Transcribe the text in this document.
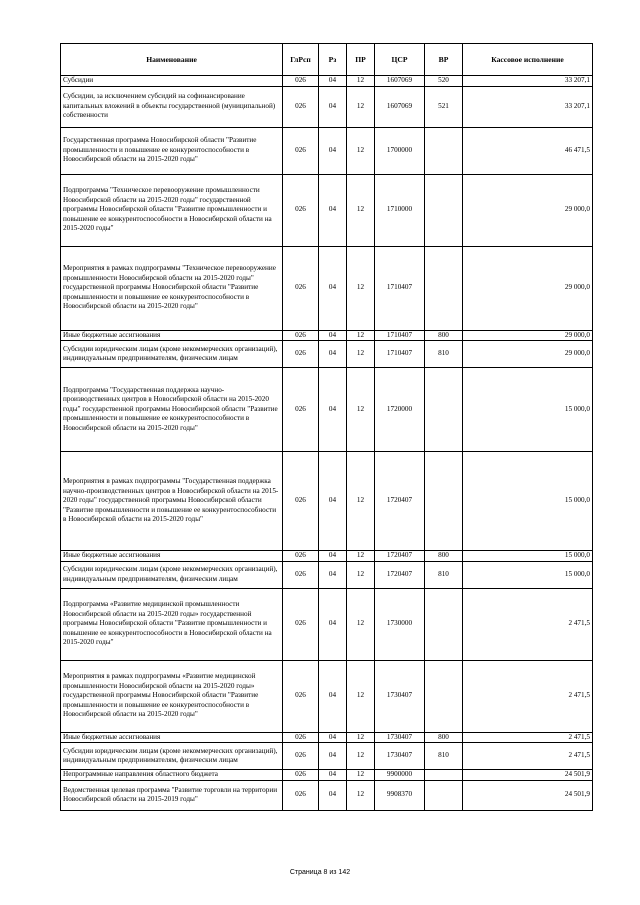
Наименование	ГлРсп	Рз	ПР	ЦСР	ВР	Кассовое исполнение
Субсидии	026	04	12	1607069	520	33 207,1
Субсидии, за исключением субсидий на софинансирование капитальных вложений в объекты государственной (муниципальной) собственности	026	04	12	1607069	521	33 207,1
Государственная программа Новосибирской области "Развитие промышленности и повышение ее конкурентоспособности в Новосибирской области на 2015-2020 годы"	026	04	12	1700000		46 471,5
Подпрограмма "Техническое перевооружение промышленности Новосибирской области на 2015-2020 годы" государственной программы Новосибирской области "Развитие промышленности и повышение ее конкурентоспособности в Новосибирской области на 2015-2020 годы"	026	04	12	1710000		29 000,0
Мероприятия в рамках подпрограммы "Техническое перевооружение промышленности Новосибирской области на 2015-2020 годы" государственной программы Новосибирской области "Развитие промышленности и повышение ее конкурентоспособности в Новосибирской области на 2015-2020 годы"	026	04	12	1710407		29 000,0
Иные бюджетные ассигнования	026	04	12	1710407	800	29 000,0
Субсидии юридическим лицам (кроме некоммерческих организаций), индивидуальным предпринимателям, физическим лицам	026	04	12	1710407	810	29 000,0
Подпрограмма "Государственная поддержка научно-производственных центров в Новосибирской области на 2015-2020 годы" государственной программы Новосибирской области "Развитие промышленности и повышение ее конкурентоспособности в Новосибирской области на 2015-2020 годы"	026	04	12	1720000		15 000,0
Мероприятия в рамках подпрограммы "Государственная поддержка научно-производственных центров в Новосибирской области на 2015-2020 годы" государственной программы Новосибирской области "Развитие промышленности и повышение ее конкурентоспособности в Новосибирской области на 2015-2020 годы"	026	04	12	1720407		15 000,0
Иные бюджетные ассигнования	026	04	12	1720407	800	15 000,0
Субсидии юридическим лицам (кроме некоммерческих организаций), индивидуальным предпринимателям, физическим лицам	026	04	12	1720407	810	15 000,0
Подпрограмма «Развитие медицинской промышленности Новосибирской области на 2015-2020 годы» государственной программы Новосибирской области "Развитие промышленности и повышение ее конкурентоспособности в Новосибирской области на 2015-2020 годы"	026	04	12	1730000		2 471,5
Мероприятия в рамках подпрограммы «Развитие медицинской промышленности Новосибирской области на 2015-2020 годы» государственной программы Новосибирской области "Развитие промышленности и повышение ее конкурентоспособности в Новосибирской области на 2015-2020 годы"	026	04	12	1730407		2 471,5
Иные бюджетные ассигнования	026	04	12	1730407	800	2 471,5
Субсидии юридическим лицам (кроме некоммерческих организаций), индивидуальным предпринимателям, физическим лицам	026	04	12	1730407	810	2 471,5
Непрограммные направления областного бюджета	026	04	12	9900000		24 501,9
Ведомственная целевая программа "Развитие торговли на территории Новосибирской области на 2015-2019 годы"	026	04	12	9908370		24 501,9
Страница 8 из 142
